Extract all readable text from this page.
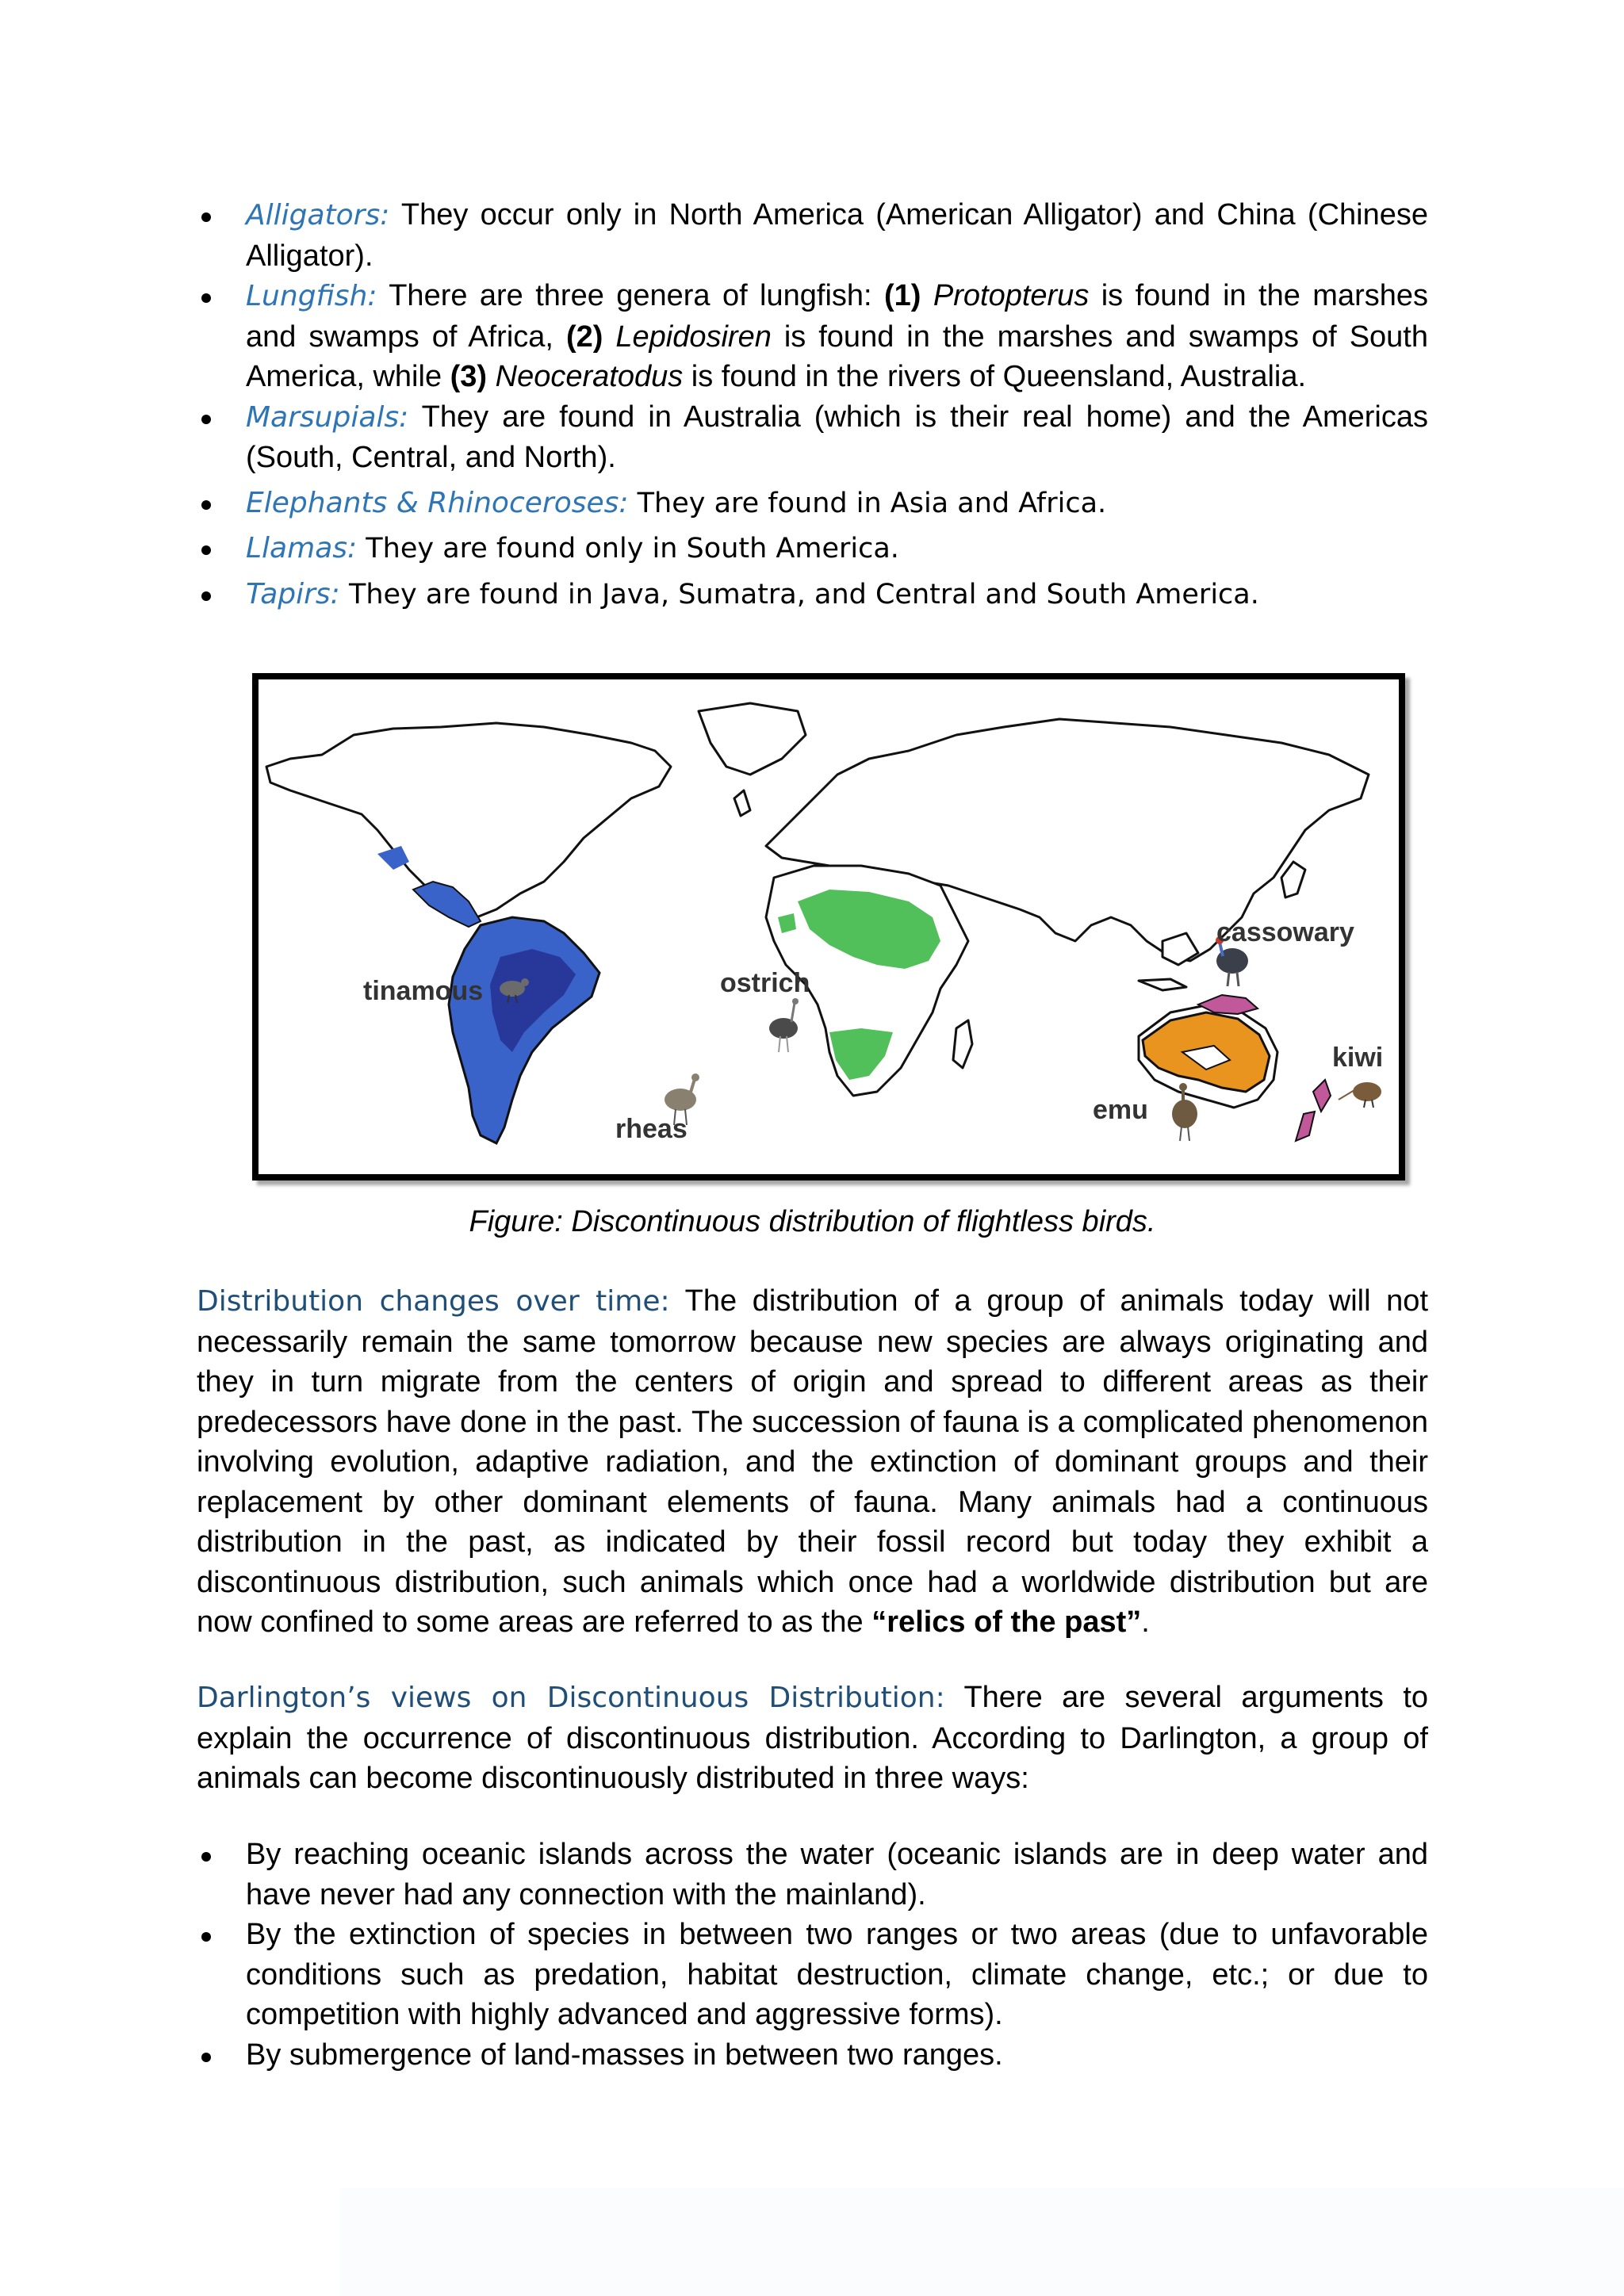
Alligators: They occur only in North America (American Alligator) and China (Chinese Alligator).
Lungfish: There are three genera of lungfish: (1) Protopterus is found in the marshes and swamps of Africa, (2) Lepidosiren is found in the marshes and swamps of South America, while (3) Neoceratodus is found in the rivers of Queensland, Australia.
Marsupials: They are found in Australia (which is their real home) and the Americas (South, Central, and North).
Elephants & Rhinoceroses: They are found in Asia and Africa.
Llamas: They are found only in South America.
Tapirs: They are found in Java, Sumatra, and Central and South America.
tinamous	ostrich
cassowary
kiwi
emu
rheas
Figure: Discontinuous distribution of flightless birds.

Distribution changes over time: The distribution of a group of animals today will not necessarily remain the same tomorrow because new species are always originating and they in turn migrate from the centers of origin and spread to different areas as their predecessors have done in the past. The succession of fauna is a complicated phenomenon involving evolution, adaptive radiation, and the extinction of dominant groups and their replacement by other dominant elements of fauna. Many animals had a continuous distribution in the past, as indicated by their fossil record but today they exhibit a discontinuous distribution, such animals which once had a worldwide distribution but are now confined to some areas are referred to as the “relics of the past”.

Darlington’s views on Discontinuous Distribution: There are several arguments to explain the occurrence of discontinuous distribution. According to Darlington, a group of animals can become discontinuously distributed in three ways:

By reaching oceanic islands across the water (oceanic islands are in deep water and have never had any connection with the mainland).
By the extinction of species in between two ranges or two areas (due to unfavorable conditions such as predation, habitat destruction, climate change, etc.; or due to competition with highly advanced and aggressive forms).
By submergence of land-masses in between two ranges.
